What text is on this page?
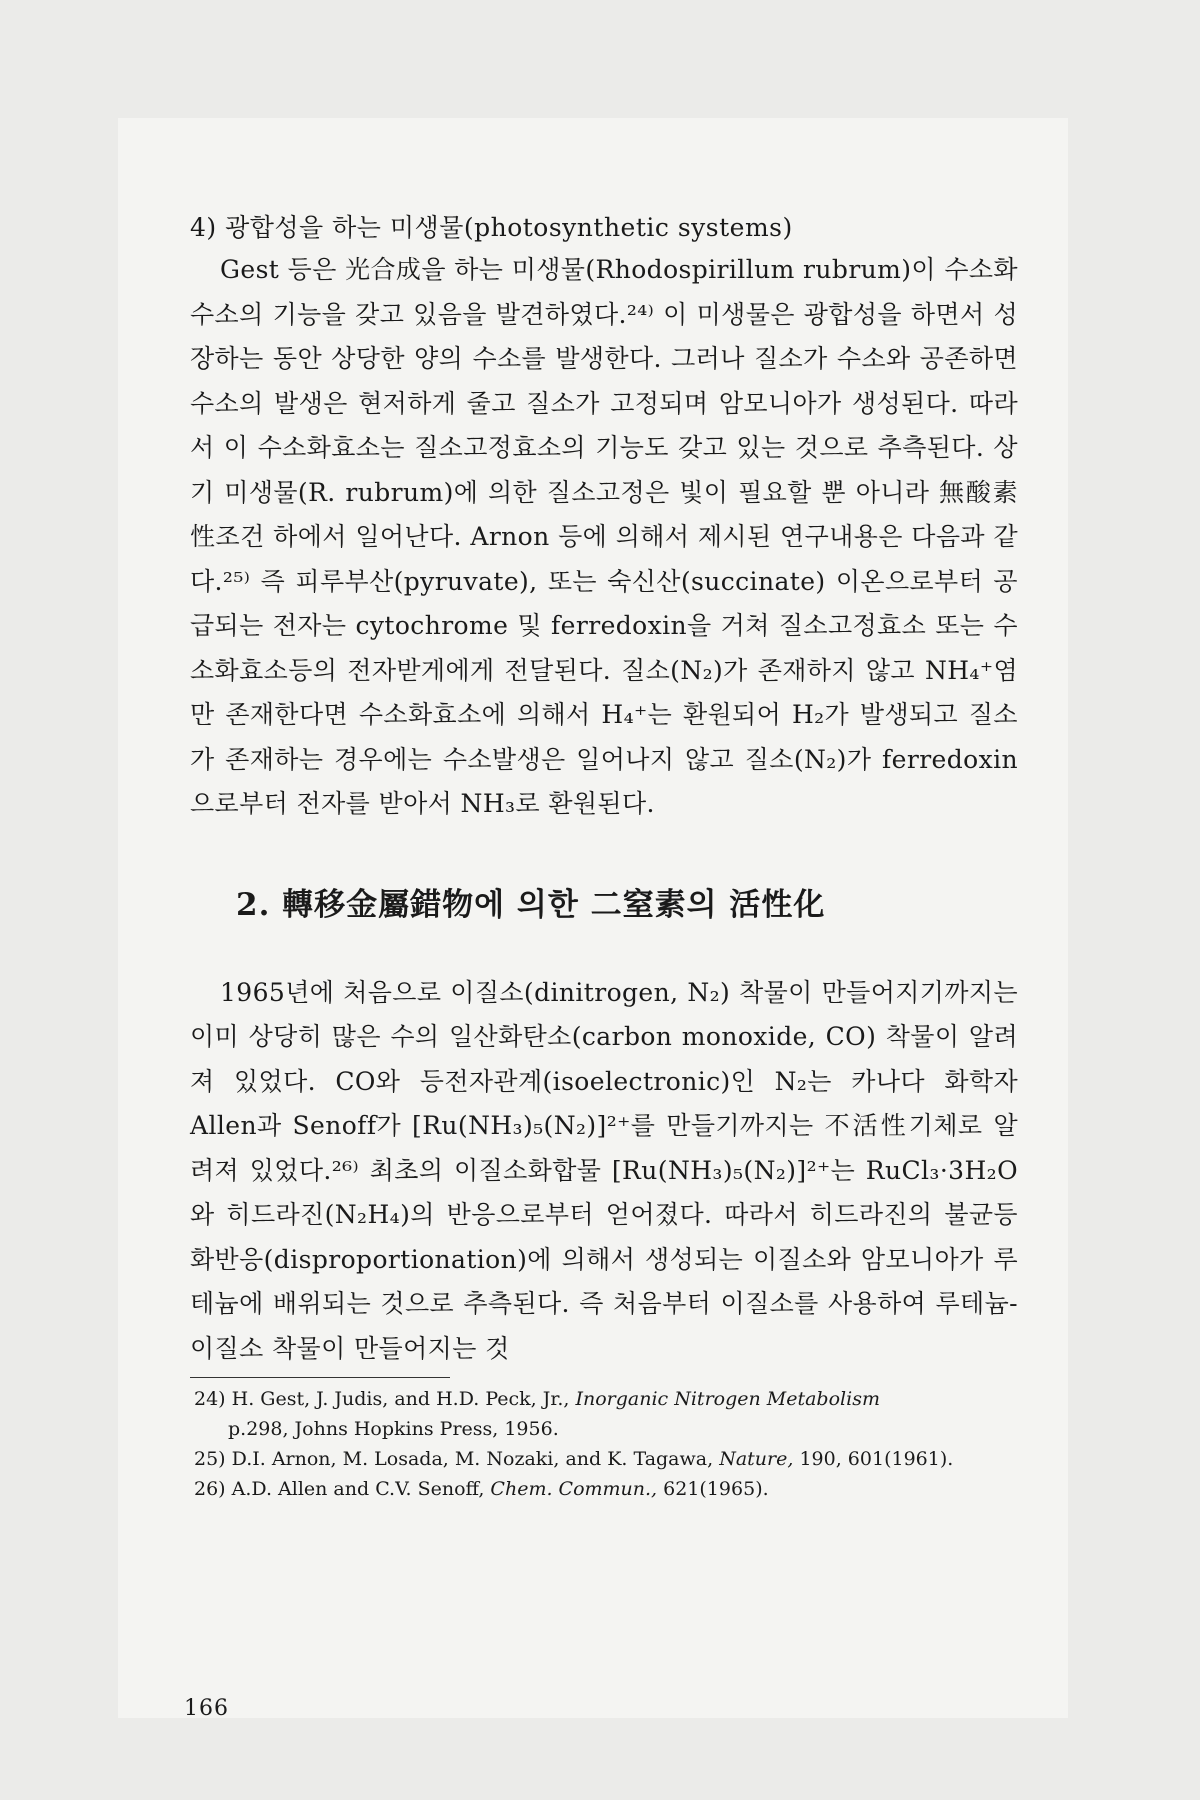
4) 광합성을 하는 미생물(photosynthetic systems)

Gest 등은 光合成을 하는 미생물(Rhodospirillum rubrum)이 수소화수소의 기능을 갖고 있음을 발견하였다.²⁴⁾ 이 미생물은 광합성을 하면서 성장하는 동안 상당한 양의 수소를 발생한다. 그러나 질소가 수소와 공존하면 수소의 발생은 현저하게 줄고 질소가 고정되며 암모니아가 생성된다. 따라서 이 수소화효소는 질소고정효소의 기능도 갖고 있는 것으로 추측된다. 상기 미생물(R. rubrum)에 의한 질소고정은 빛이 필요할 뿐 아니라 無酸素性조건 하에서 일어난다. Arnon 등에 의해서 제시된 연구내용은 다음과 같다.²⁵⁾ 즉 피루부산(pyruvate), 또는 숙신산(succinate) 이온으로부터 공급되는 전자는 cytochrome 및 ferredoxin을 거쳐 질소고정효소 또는 수소화효소등의 전자받게에게 전달된다. 질소(N₂)가 존재하지 않고 NH₄⁺염만 존재한다면 수소화효소에 의해서 H₄⁺는 환원되어 H₂가 발생되고 질소가 존재하는 경우에는 수소발생은 일어나지 않고 질소(N₂)가 ferredoxin으로부터 전자를 받아서 NH₃로 환원된다.

2. 轉移金屬錯物에 의한 二窒素의 活性化

1965년에 처음으로 이질소(dinitrogen, N₂) 착물이 만들어지기까지는 이미 상당히 많은 수의 일산화탄소(carbon monoxide, CO) 착물이 알려져 있었다. CO와 등전자관계(isoelectronic)인 N₂는 카나다 화학자 Allen과 Senoff가 [Ru(NH₃)₅(N₂)]²⁺를 만들기까지는 不活性기체로 알려져 있었다.²⁶⁾ 최초의 이질소화합물 [Ru(NH₃)₅(N₂)]²⁺는 RuCl₃·3H₂O와 히드라진(N₂H₄)의 반응으로부터 얻어졌다. 따라서 히드라진의 불균등화반응(disproportionation)에 의해서 생성되는 이질소와 암모니아가 루테늄에 배위되는 것으로 추측된다. 즉 처음부터 이질소를 사용하여 루테늄-이질소 착물이 만들어지는 것

24) H. Gest, J. Judis, and H.D. Peck, Jr., Inorganic Nitrogen Metabolism
p.298, Johns Hopkins Press, 1956.

25) D.I. Arnon, M. Losada, M. Nozaki, and K. Tagawa, Nature, 190, 601(1961).

26) A.D. Allen and C.V. Senoff, Chem. Commun., 621(1965).

166
